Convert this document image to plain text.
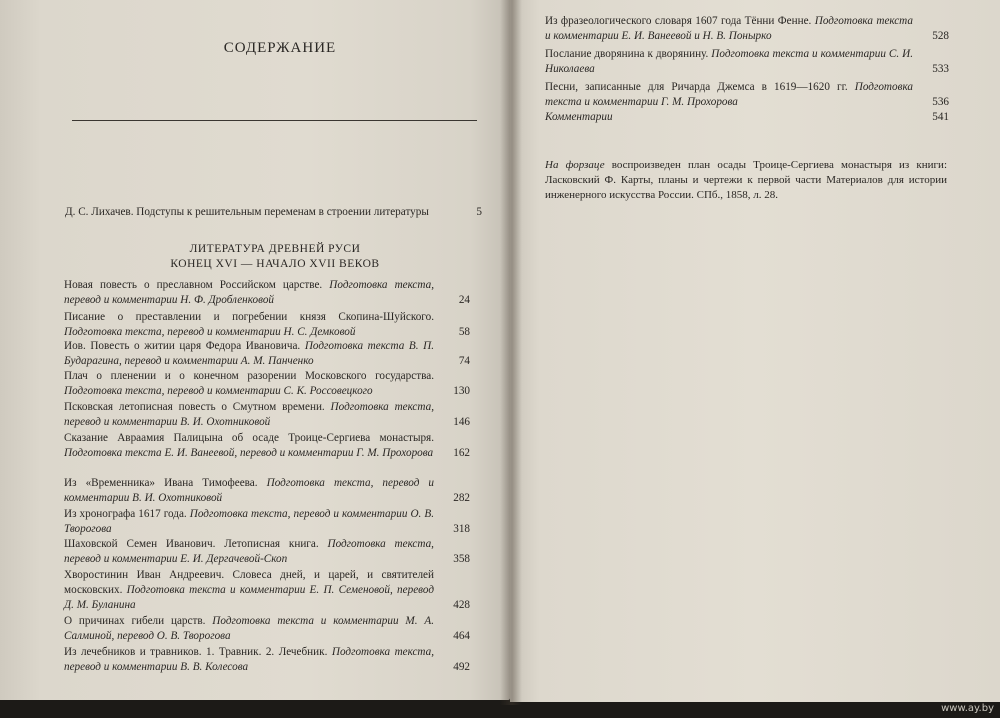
СОДЕРЖАНИЕ
Д. С. Лихачев. Подступы к решительным переменам в строении литературы	5
ЛИТЕРАТУРА ДРЕВНЕЙ РУСИ
КОНЕЦ XVI — НАЧАЛО XVII ВЕКОВ
Новая повесть о преславном Российском царстве. Подготовка текста, перевод и комментарии Н. Ф. Дробленковой	24
Писание о преставлении и погребении князя Скопина-Шуйского. Подготовка текста, перевод и комментарии Н. С. Демковой	58
Иов. Повесть о житии царя Федора Ивановича. Подготовка текста В. П. Бударагина, перевод и комментарии А. М. Панченко	74
Плач о пленении и о конечном разорении Московского государства. Подготовка текста, перевод и комментарии С. К. Россовецкого	130
Псковская летописная повесть о Смутном времени. Подготовка текста, перевод и комментарии В. И. Охотниковой	146
Сказание Авраамия Палицына об осаде Троице-Сергиева монастыря. Подготовка текста Е. И. Ванеевой, перевод и комментарии Г. М. Прохорова 162
Из «Временника» Ивана Тимофеева. Подготовка текста, перевод и комментарии В. И. Охотниковой	282
Из хронографа 1617 года. Подготовка текста, перевод и комментарии О. В. Творогова	318
Шаховской Семен Иванович. Летописная книга. Подготовка текста, перевод и комментарии Е. И. Дергачевой-Скоп	358
Хворостинин Иван Андреевич. Словеса дней, и царей, и святителей московских. Подготовка текста и комментарии Е. П. Семеновой, перевод Д. М. Буланина	428
О причинах гибели царств. Подготовка текста и комментарии М. А. Салминой, перевод О. В. Творогова	464
Из лечебников и травников. 1. Травник. 2. Лечебник. Подготовка текста, перевод и комментарии В. В. Колесова	492
Из фразеологического словаря 1607 года Тённи Фенне. Подготовка текста и комментарии Е. И. Ванеевой и Н. В. Понырко	528
Послание дворянина к дворянину. Подготовка текста и комментарии С. И. Николаева	533
Песни, записанные для Ричарда Джемса в 1619—1620 гг. Подготовка текста и комментарии Г. М. Прохорова	536
Комментарии	541
На форзаце воспроизведен план осады Троице-Сергиева монастыря из книги: Ласковский Ф. Карты, планы и чертежи к первой части Материалов для истории инженерного искусства России. СПб., 1858, л. 28.
www.ay.by
